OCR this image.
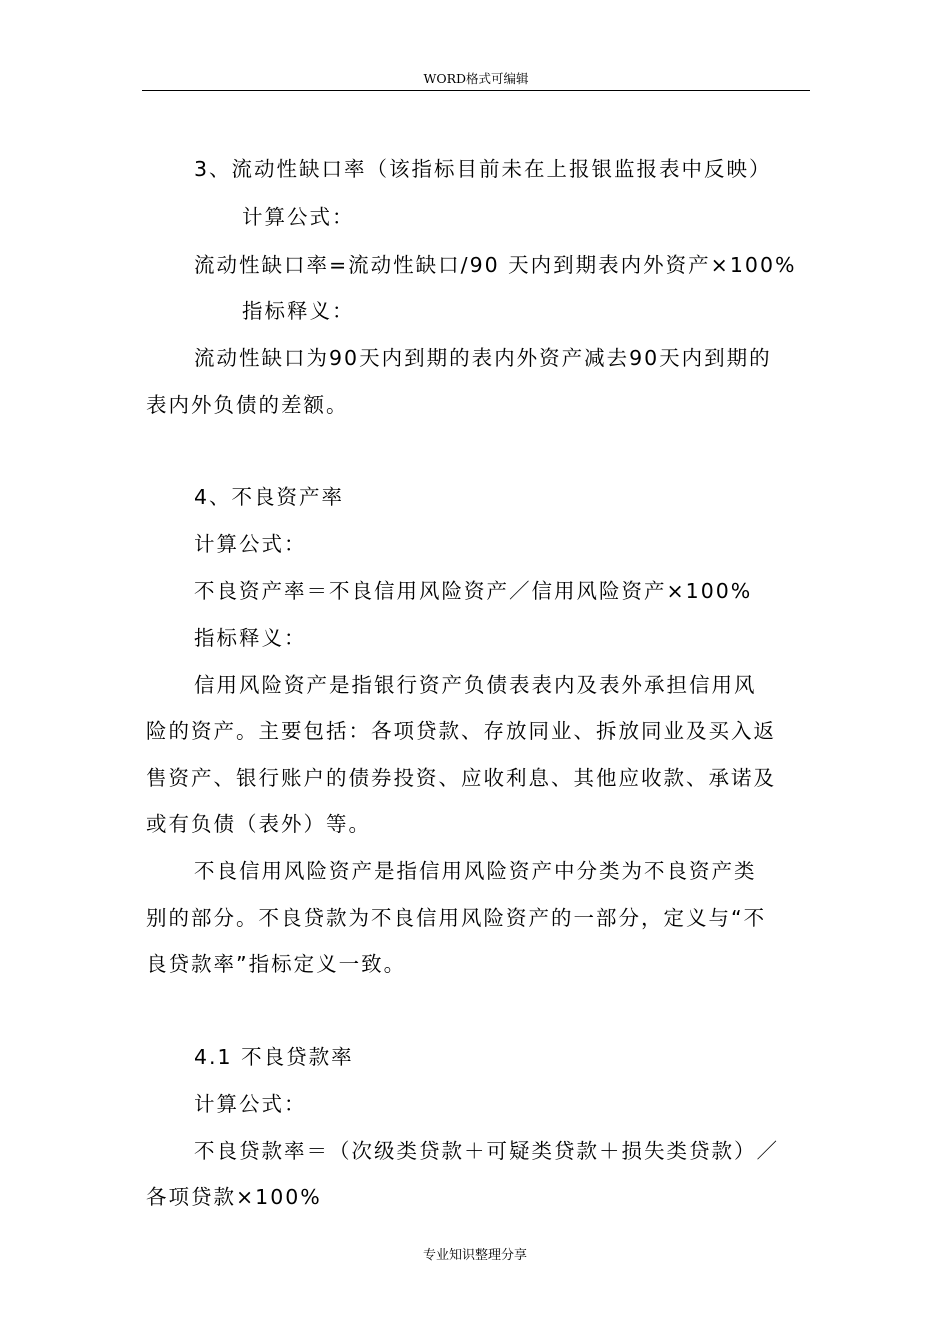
WORD格式可编辑
3、流动性缺口率（该指标目前未在上报银监报表中反映）
计算公式：
流动性缺口率=流动性缺口/90 天内到期表内外资产×100%
指标释义：
流动性缺口为90天内到期的表内外资产减去90天内到期的
表内外负债的差额。
4、不良资产率
计算公式：
不良资产率＝不良信用风险资产／信用风险资产×100%
指标释义：
信用风险资产是指银行资产负债表表内及表外承担信用风
险的资产。主要包括：各项贷款、存放同业、拆放同业及买入返
售资产、银行账户的债券投资、应收利息、其他应收款、承诺及
或有负债（表外）等。
不良信用风险资产是指信用风险资产中分类为不良资产类
别的部分。不良贷款为不良信用风险资产的一部分，定义与“不
良贷款率”指标定义一致。
4.1 不良贷款率
计算公式：
不良贷款率＝（次级类贷款＋可疑类贷款＋损失类贷款）／
各项贷款×100%
专业知识整理分享
